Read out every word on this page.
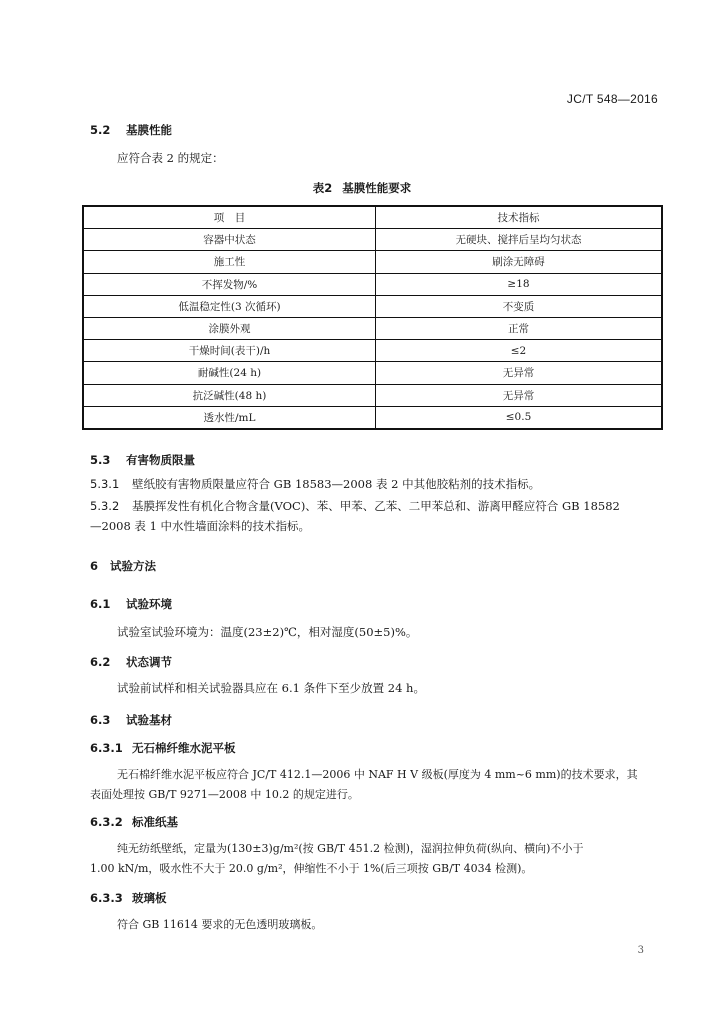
JC/T 548—2016
5.2 基膜性能
应符合表 2 的规定：
表2 基膜性能要求
项　目	技术指标
容器中状态	无硬块、搅拌后呈均匀状态
施工性	刷涂无障碍
不挥发物/%	≥18
低温稳定性(3 次循环)	不变质
涂膜外观	正常
干燥时间(表干)/h	≤2
耐碱性(24 h)	无异常
抗泛碱性(48 h)	无异常
透水性/mL	≤0.5
5.3 有害物质限量
5.3.1 壁纸胶有害物质限量应符合 GB 18583—2008 表 2 中其他胶粘剂的技术指标。
5.3.2 基膜挥发性有机化合物含量(VOC)、苯、甲苯、乙苯、二甲苯总和、游离甲醛应符合 GB 18582
—2008 表 1 中水性墙面涂料的技术指标。
6 试验方法
6.1 试验环境
试验室试验环境为：温度(23±2)℃，相对湿度(50±5)%。
6.2 状态调节
试验前试样和相关试验器具应在 6.1 条件下至少放置 24 h。
6.3 试验基材
6.3.1 无石棉纤维水泥平板
无石棉纤维水泥平板应符合 JC/T 412.1—2006 中 NAF H V 级板(厚度为 4 mm~6 mm)的技术要求，其
表面处理按 GB/T 9271—2008 中 10.2 的规定进行。
6.3.2 标准纸基
纯无纺纸壁纸，定量为(130±3)g/m²(按 GB/T 451.2 检测)，湿润拉伸负荷(纵向、横向)不小于
1.00 kN/m，吸水性不大于 20.0 g/m²，伸缩性不小于 1%(后三项按 GB/T 4034 检测)。
6.3.3 玻璃板
符合 GB 11614 要求的无色透明玻璃板。
3
